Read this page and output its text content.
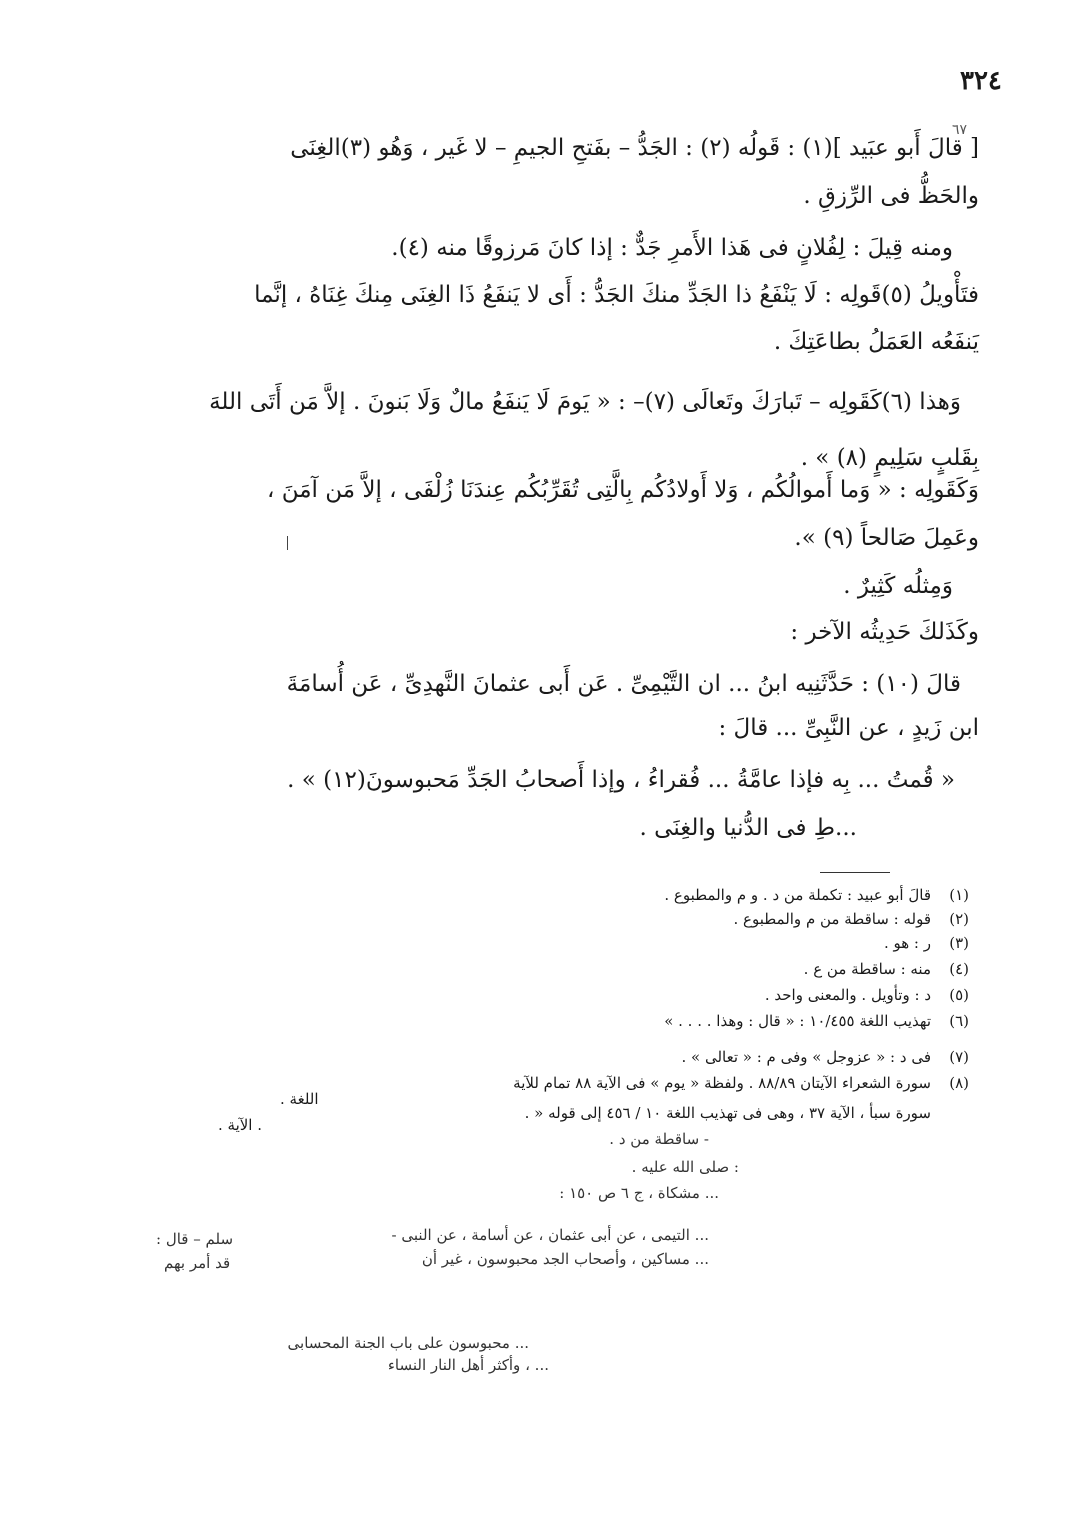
٣٢٤
٦٧
[ قالَ أَبو عبَيد ](١) : قَولُه (٢) : الجَدُّ – بفَتحِ الجيمِ – لا غَير ، وَهُو (٣)الغِنَى
والحَظُّ فى الرِّزقِ .
ومنه قِيلَ : لِفُلانٍ فى هَذا الأَمرِ جَدٌّ : إذا كانَ مَرزوقًا منه (٤).
فتَأْويلُ (٥)قَولِه : لَا يَنْفَعُ ذا الجَدِّ منكَ الجَدُّ : أَى لا يَنفَعُ ذَا الغِنَى مِنكَ غِنَاهُ ، إنَّما
يَنفَعُه العَمَلُ بطاعَتِكَ .
وَهذا (٦)كَقَولِه – تَبارَكَ وتَعالَى (٧)– : « يَومَ لَا يَنفَعُ مالٌ وَلَا بَنونَ . إلاَّ مَن أَتَى اللهَ
بِقَلبٍ سَلِيمٍ (٨) » .
وَكَقَولِه : « وَما أَموالُكُم ، وَلا أَولادُكُم بِالَّتِى تُقَرِّبُكُم عِندَنَا زُلْفَى ، إلاَّ مَن آمَنَ ،
وعَمِلَ صَالحاً (٩) ».
وَمِثلُه كَثِيرٌ .
وكَذَلكَ حَدِيثُه الآخر :
قالَ (١٠) : حَدَّثَنِيه ابنُ ... ان التَّيْمِىِّ . عَن أَبى عثمانَ النَّهدِىِّ ، عَن أُسامَةَ
ابن زَيدٍ ، عن النَّبِىِّ ... قالَ :
« قُمتُ ... بِه فإذا عامَّةُ ... فُقراءُ ، وإذا أَصحابُ الجَدِّ مَحبوسونَ(١٢) » .
...طِ فى الدُّنيا والغِنَى .
(١)قالَ أبو عبيد : تكملة من د . و م والمطبوع .
(٢)قوله : ساقطة من م والمطبوع .
(٣)ر : هو .
(٤)منه : ساقطة من ع .
(٥)د : وتأويل . والمعنى واحد .
(٦)تهذيب اللغة ١٠/٤٥٥ : « قال : وهذا . . . . »
(٧)فى د : « عزوجل » وفى م : « تعالى » .
(٨)سورة الشعراء الآيتان ٨٨/٨٩ . ولفظة « يوم » فى الآية ٨٨ تمام للآية
اللغة .
سورة سبأ ، الآية ٣٧ ، وهى فى تهذيب اللغة ١٠ / ٤٥٦ إلى قوله « .
. الآية .
- ساقطة من د .
: صلى الله عليه .
... مشكاة ، ج ٦ ص ١٥٠ :
... التيمى ، عن أبى عثمان ، عن أسامة ، عن النبى -
سلم – قال :
... مساكين ، وأصحاب الجد محبوسون ، غير أن
قد أمر بهم
... محبوسون على باب الجنة المحسابى
... ، وأكثر أهل النار النساء
